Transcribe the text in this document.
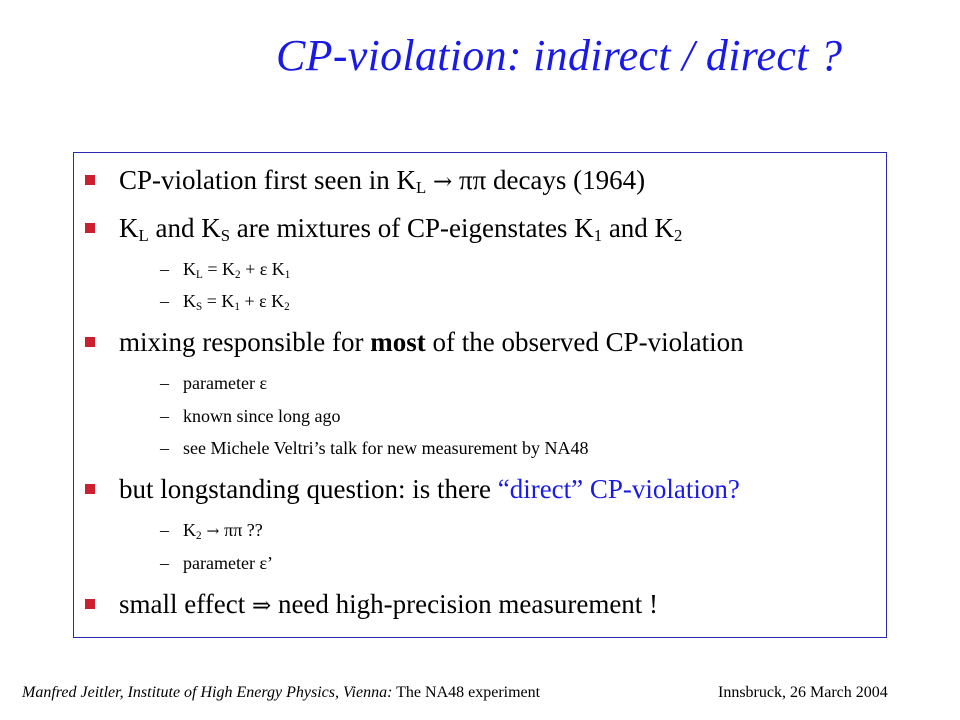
CP-violation: indirect / direct ?
CP-violation first seen in $K_L \to \pi\pi$ decays (1964)
$K_L$ and $K_S$ are mixtures of CP-eigenstates $K_1$ and $K_2$
– $K_L = K_2 + \varepsilon$ $K_1$
– $K_S = K_1 + \varepsilon$ $K_2$
mixing responsible for most of the observed CP-violation
– parameter ε
– known since long ago
– see Michele Veltri’s talk for new measurement by NA48
but longstanding question: is there “direct” CP-violation?
– $K_2 \to \pi\pi$ ??
– parameter ε’
small effect ⇒ need high-precision measurement !
Manfred Jeitler, Institute of High Energy Physics, Vienna: The NA48 experiment	Innsbruck, 26 March 2004
